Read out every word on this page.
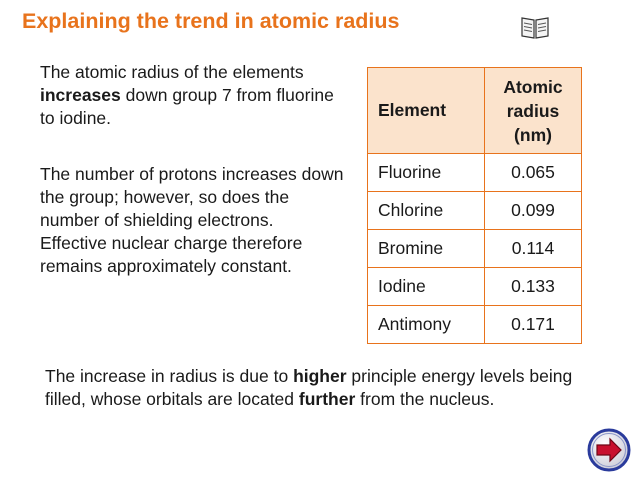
Explaining the trend in atomic radius
The atomic radius of the elements increases down group 7 from fluorine to iodine.
The number of protons increases down the group; however, so does the number of shielding electrons. Effective nuclear charge therefore remains approximately constant.
Element	Atomic
radius
(nm)
Fluorine	0.065
Chlorine	0.099
Bromine	0.114
Iodine	0.133
Antimony	0.171
The increase in radius is due to higher principle energy levels being filled, whose orbitals are located further from the nucleus.
